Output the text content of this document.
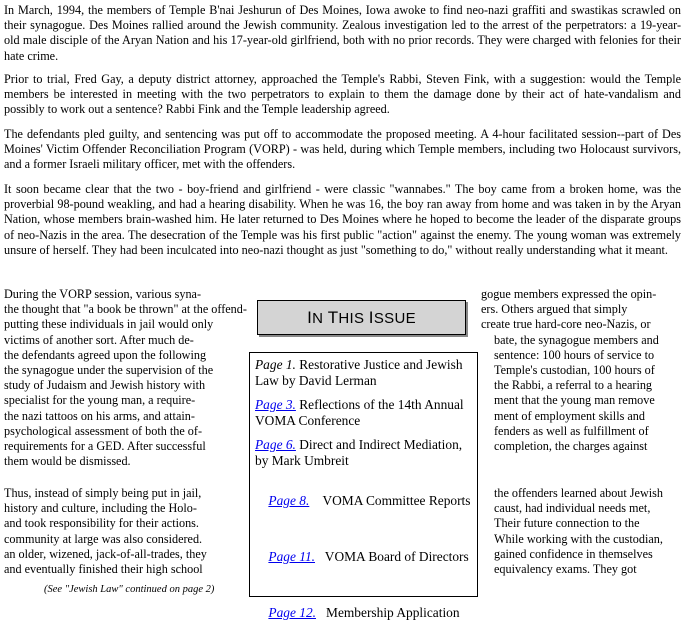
In March, 1994, the members of Temple B'nai Jeshurun of Des Moines, Iowa awoke to find neo-nazi graffiti and swastikas scrawled on their synagogue. Des Moines rallied around the Jewish community. Zealous investigation led to the arrest of the perpetrators: a 19-year-old male disciple of the Aryan Nation and his 17-year-old girlfriend, both with no prior records. They were charged with felonies for their hate crime.

Prior to trial, Fred Gay, a deputy district attorney, approached the Temple's Rabbi, Steven Fink, with a suggestion: would the Temple members be interested in meeting with the two perpetrators to explain to them the damage done by their act of hate-vandalism and possibly to work out a sentence? Rabbi Fink and the Temple leadership agreed.

The defendants pled guilty, and sentencing was put off to accommodate the proposed meeting. A 4-hour facilitated session--part of Des Moines' Victim Offender Reconciliation Program (VORP) - was held, during which Temple members, including two Holocaust survivors, and a former Israeli military officer, met with the offenders.

It soon became clear that the two - boy-friend and girlfriend - were classic "wannabes." The boy came from a broken home, was the proverbial 98-pound weakling, and had a hearing disability. When he was 16, the boy ran away from home and was taken in by the Aryan Nation, whose members brain-washed him. He later returned to Des Moines where he hoped to become the leader of the disparate groups of neo-Nazis in the area. The desecration of the Temple was his first public "action" against the enemy. The young woman was extremely unsure of herself. They had been inculcated into neo-nazi thought as just "something to do," without really understanding what it meant.

During the VORP session, various syna-
the thought that "a book be thrown" at the offend-
putting these individuals in jail would only
victims of another sort. After much de-
the defendants agreed upon the following
the synagogue under the supervision of the
study of Judaism and Jewish history with
specialist for the young man, a require-
the nazi tattoos on his arms, and attain-
psychological assessment of both the of-
requirements for a GED. After successful
them would be dismissed.
Thus, instead of simply being put in jail,
history and culture, including the Holo-
and took responsibility for their actions.
community at large was also considered.
an older, wizened, jack-of-all-trades, they
and eventually finished their high school
gogue members expressed the opin-
ers. Others argued that simply
create true hard-core neo-Nazis, or
bate, the synagogue members and
sentence: 100 hours of service to
Temple's custodian, 100 hours of
the Rabbi, a referral to a hearing
ment that the young man remove
ment of employment skills and
fenders as well as fulfillment of
completion, the charges against
the offenders learned about Jewish
caust, had individual needs met,
Their future connection to the
While working with the custodian,
gained confidence in themselves
equivalency exams. They got
IN THIS ISSUE
Page 1. Restorative Justice and Jewish Law by David Lerman
Page 3. Reflections of the 14th Annual VOMA Conference
Page 6. Direct and Indirect Mediation, by Mark Umbreit

Page 8.    VOMA Committee Reports

Page 11.   VOMA Board of Directors

Page 12.   Membership Application

(See "Jewish Law" continued on page 2)
